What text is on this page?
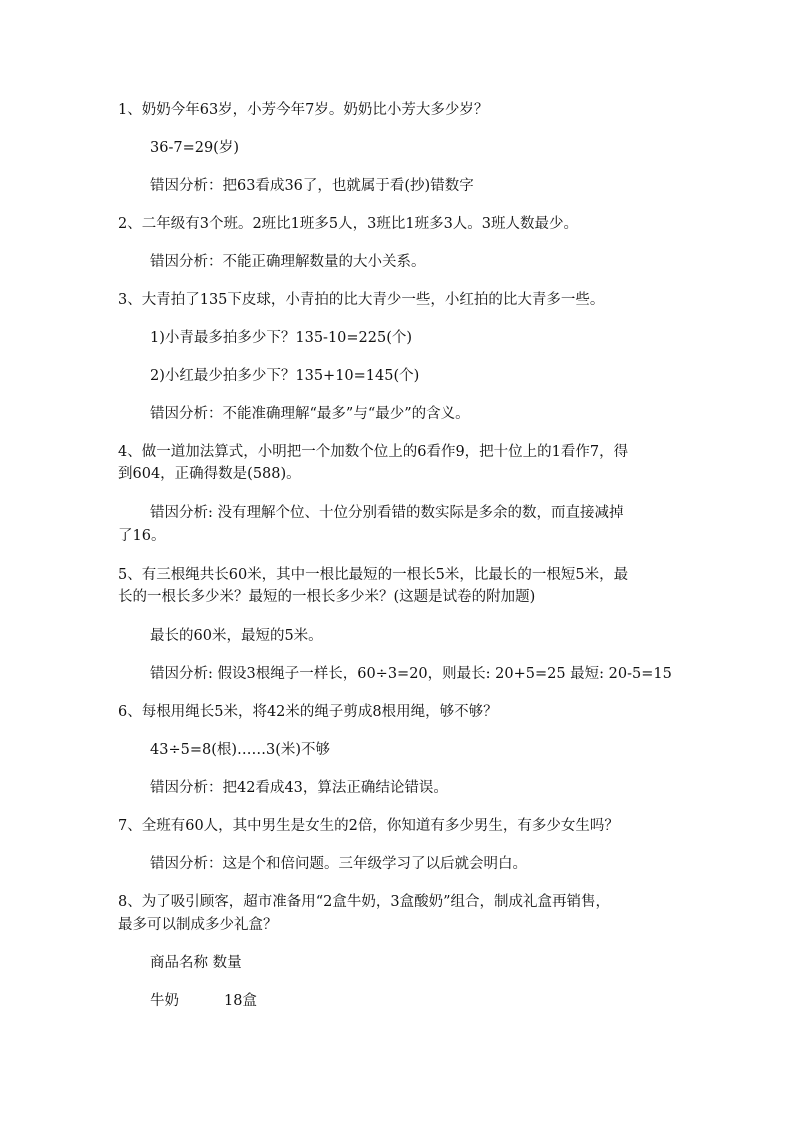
1、奶奶今年63岁，小芳今年7岁。奶奶比小芳大多少岁？
36-7=29(岁)
错因分析：把63看成36了，也就属于看(抄)错数字
2、二年级有3个班。2班比1班多5人，3班比1班多3人。3班人数最少。
错因分析：不能正确理解数量的大小关系。
3、大青拍了135下皮球，小青拍的比大青少一些，小红拍的比大青多一些。
1)小青最多拍多少下？135-10=225(个)
2)小红最少拍多少下？135+10=145(个)
错因分析：不能准确理解“最多”与“最少”的含义。
4、做一道加法算式，小明把一个加数个位上的6看作9，把十位上的1看作7，得
到604，正确得数是(588)。
错因分析: 没有理解个位、十位分别看错的数实际是多余的数，而直接减掉
了16。
5、有三根绳共长60米，其中一根比最短的一根长5米，比最长的一根短5米，最
长的一根长多少米？最短的一根长多少米？(这题是试卷的附加题)
最长的60米，最短的5米。
错因分析: 假设3根绳子一样长，60÷3=20，则最长: 20+5=25 最短: 20-5=15
6、每根用绳长5米，将42米的绳子剪成8根用绳，够不够？
43÷5=8(根)……3(米)不够
错因分析：把42看成43，算法正确结论错误。
7、全班有60人，其中男生是女生的2倍，你知道有多少男生，有多少女生吗？
错因分析：这是个和倍问题。三年级学习了以后就会明白。
8、为了吸引顾客，超市准备用“2盒牛奶，3盒酸奶”组合，制成礼盒再销售，
最多可以制成多少礼盒？
商品名称 数量
牛奶	18盒
